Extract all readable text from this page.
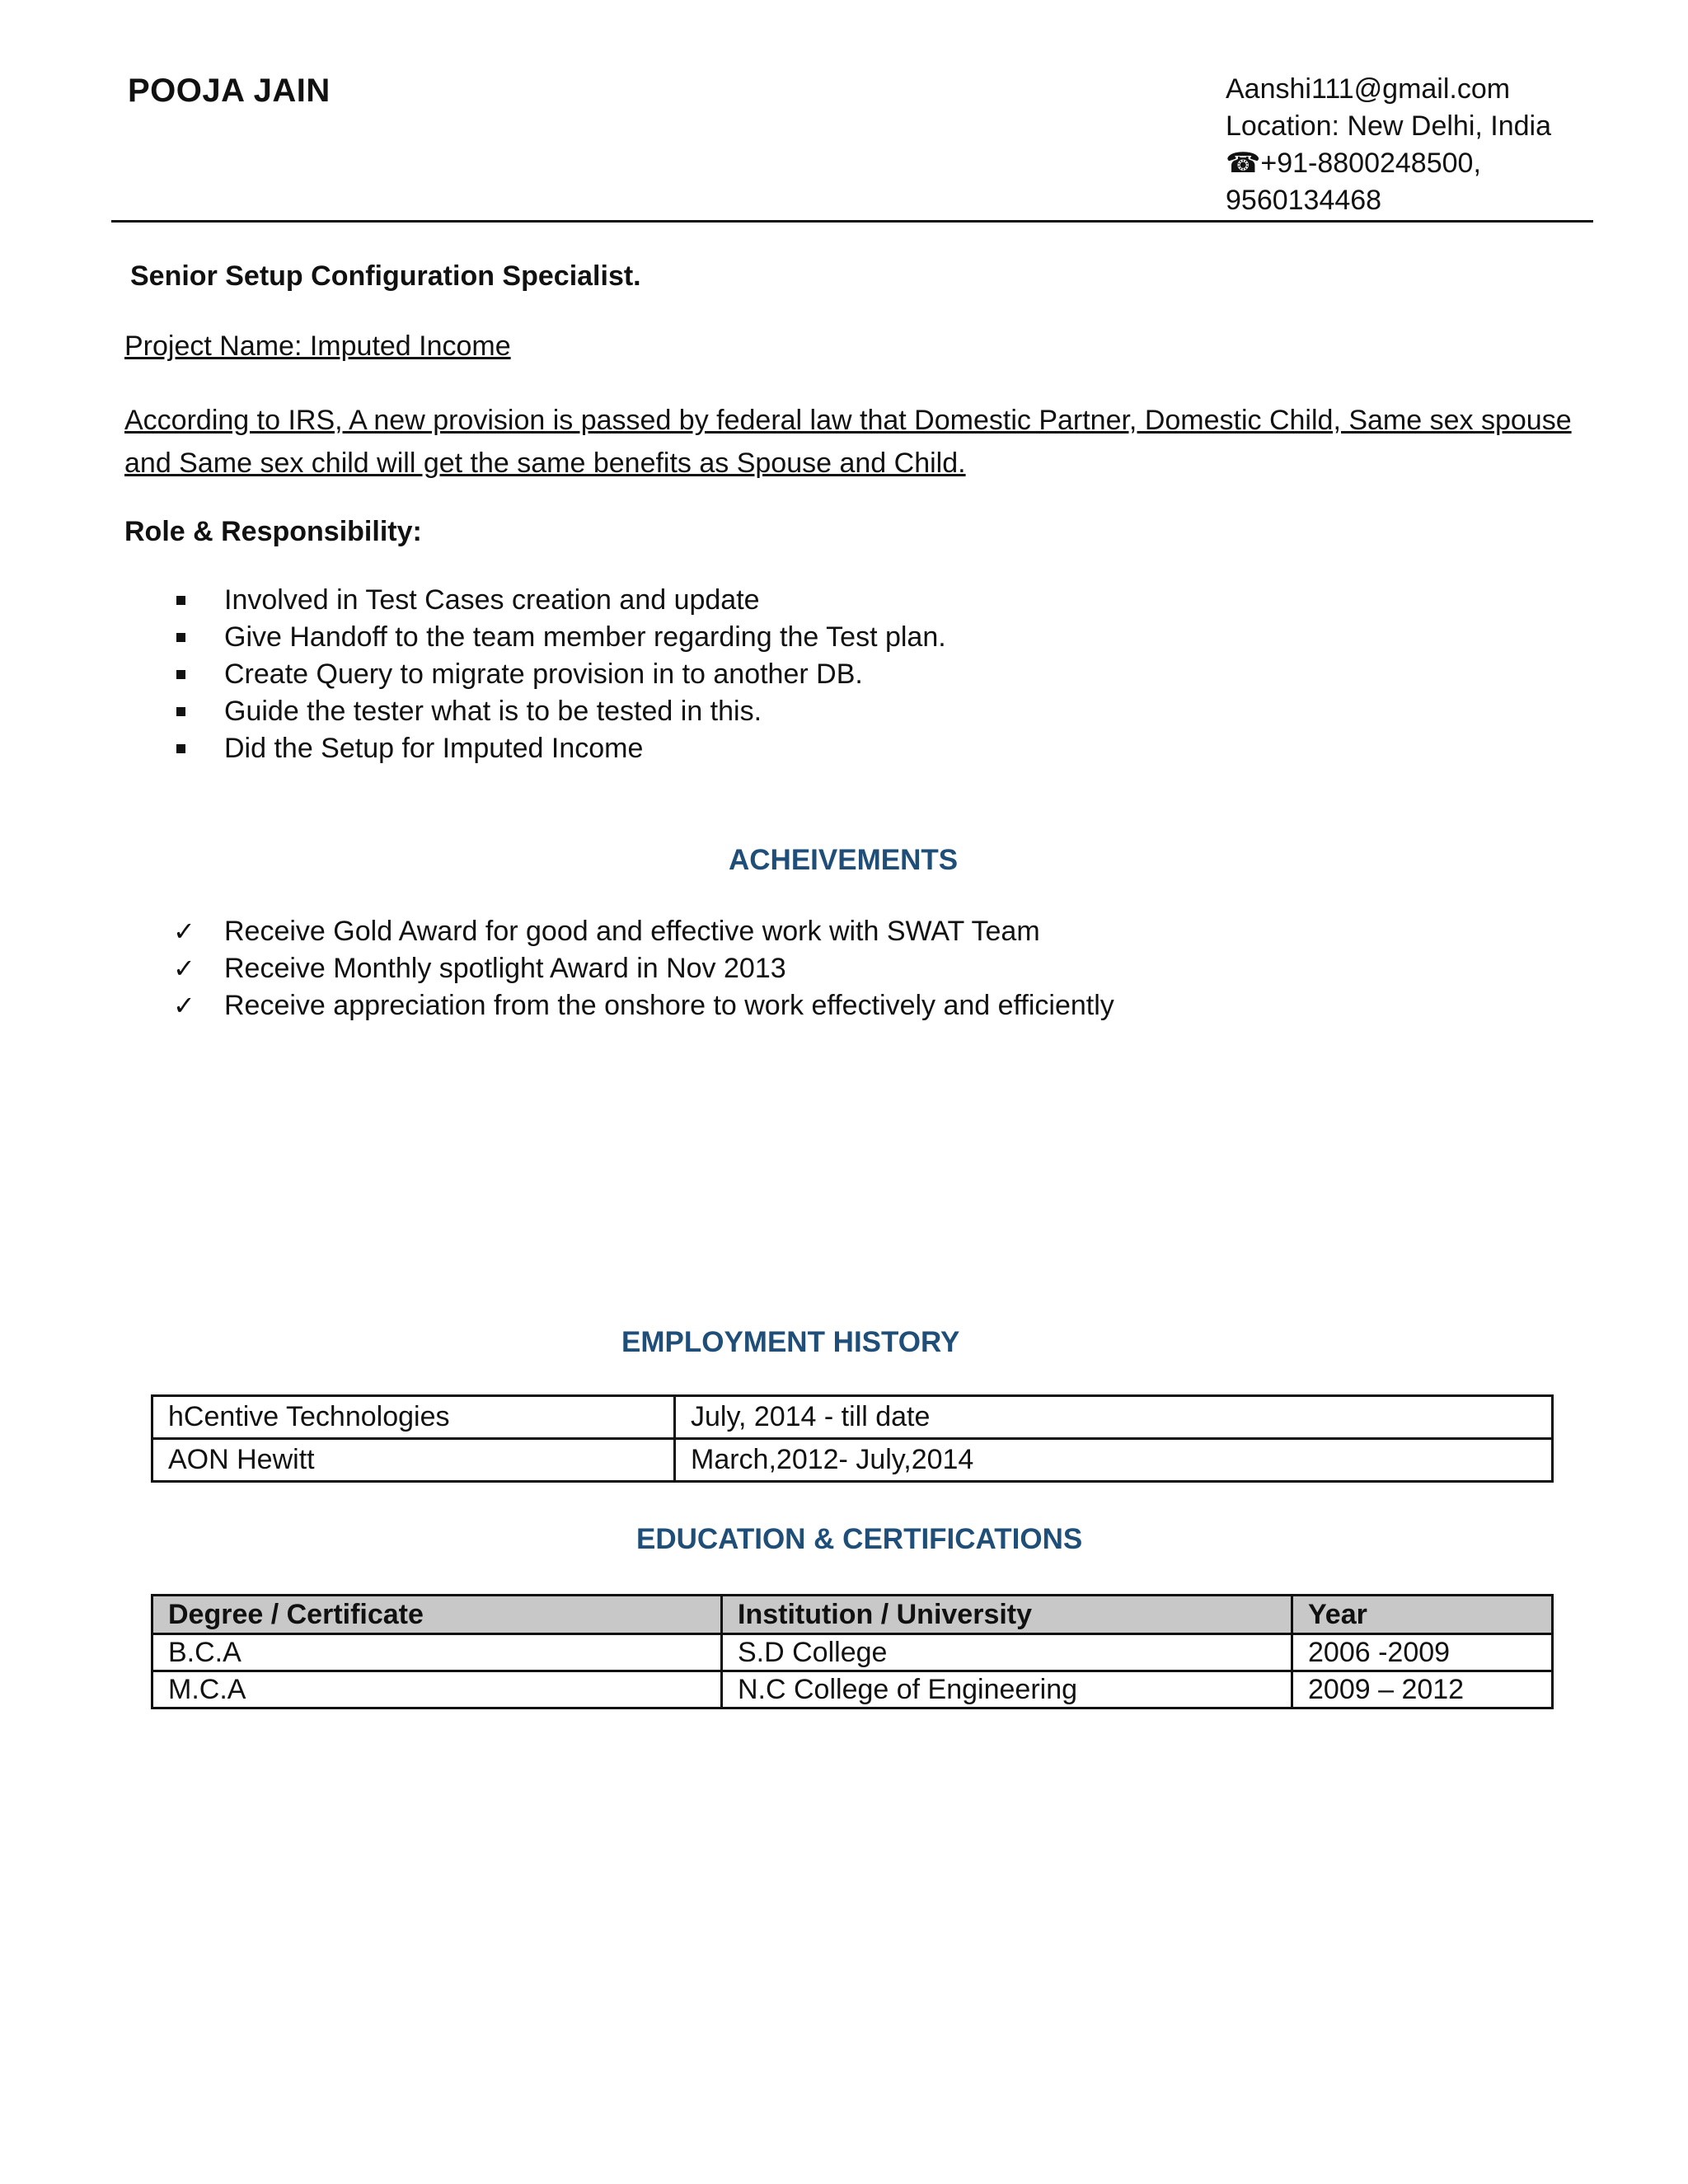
POOJA JAIN	Aanshi111@gmail.com
Location: New Delhi, India
☎+91-8800248500,
9560134468
Senior Setup Configuration Specialist.
Project Name: Imputed Income
According to IRS, A new provision is passed by federal law that Domestic Partner, Domestic Child, Same sex spouse and Same sex child will get the same benefits as Spouse and Child.
Role & Responsibility:
Involved in Test Cases creation and update
Give Handoff to the team member regarding the Test plan.
Create Query to migrate provision in to another DB.
Guide the tester what is to be tested in this.
Did the Setup for Imputed Income
ACHEIVEMENTS
✓ Receive Gold Award for good and effective work with SWAT Team
✓ Receive Monthly spotlight Award in Nov 2013
✓ Receive appreciation from the onshore to work effectively and efficiently
EMPLOYMENT HISTORY
hCentive Technologies	July, 2014 - till date
AON Hewitt	March,2012- July,2014
EDUCATION & CERTIFICATIONS
Degree / Certificate	Institution / University	Year
B.C.A	S.D College	2006 -2009
M.C.A	N.C College of Engineering	2009 – 2012
